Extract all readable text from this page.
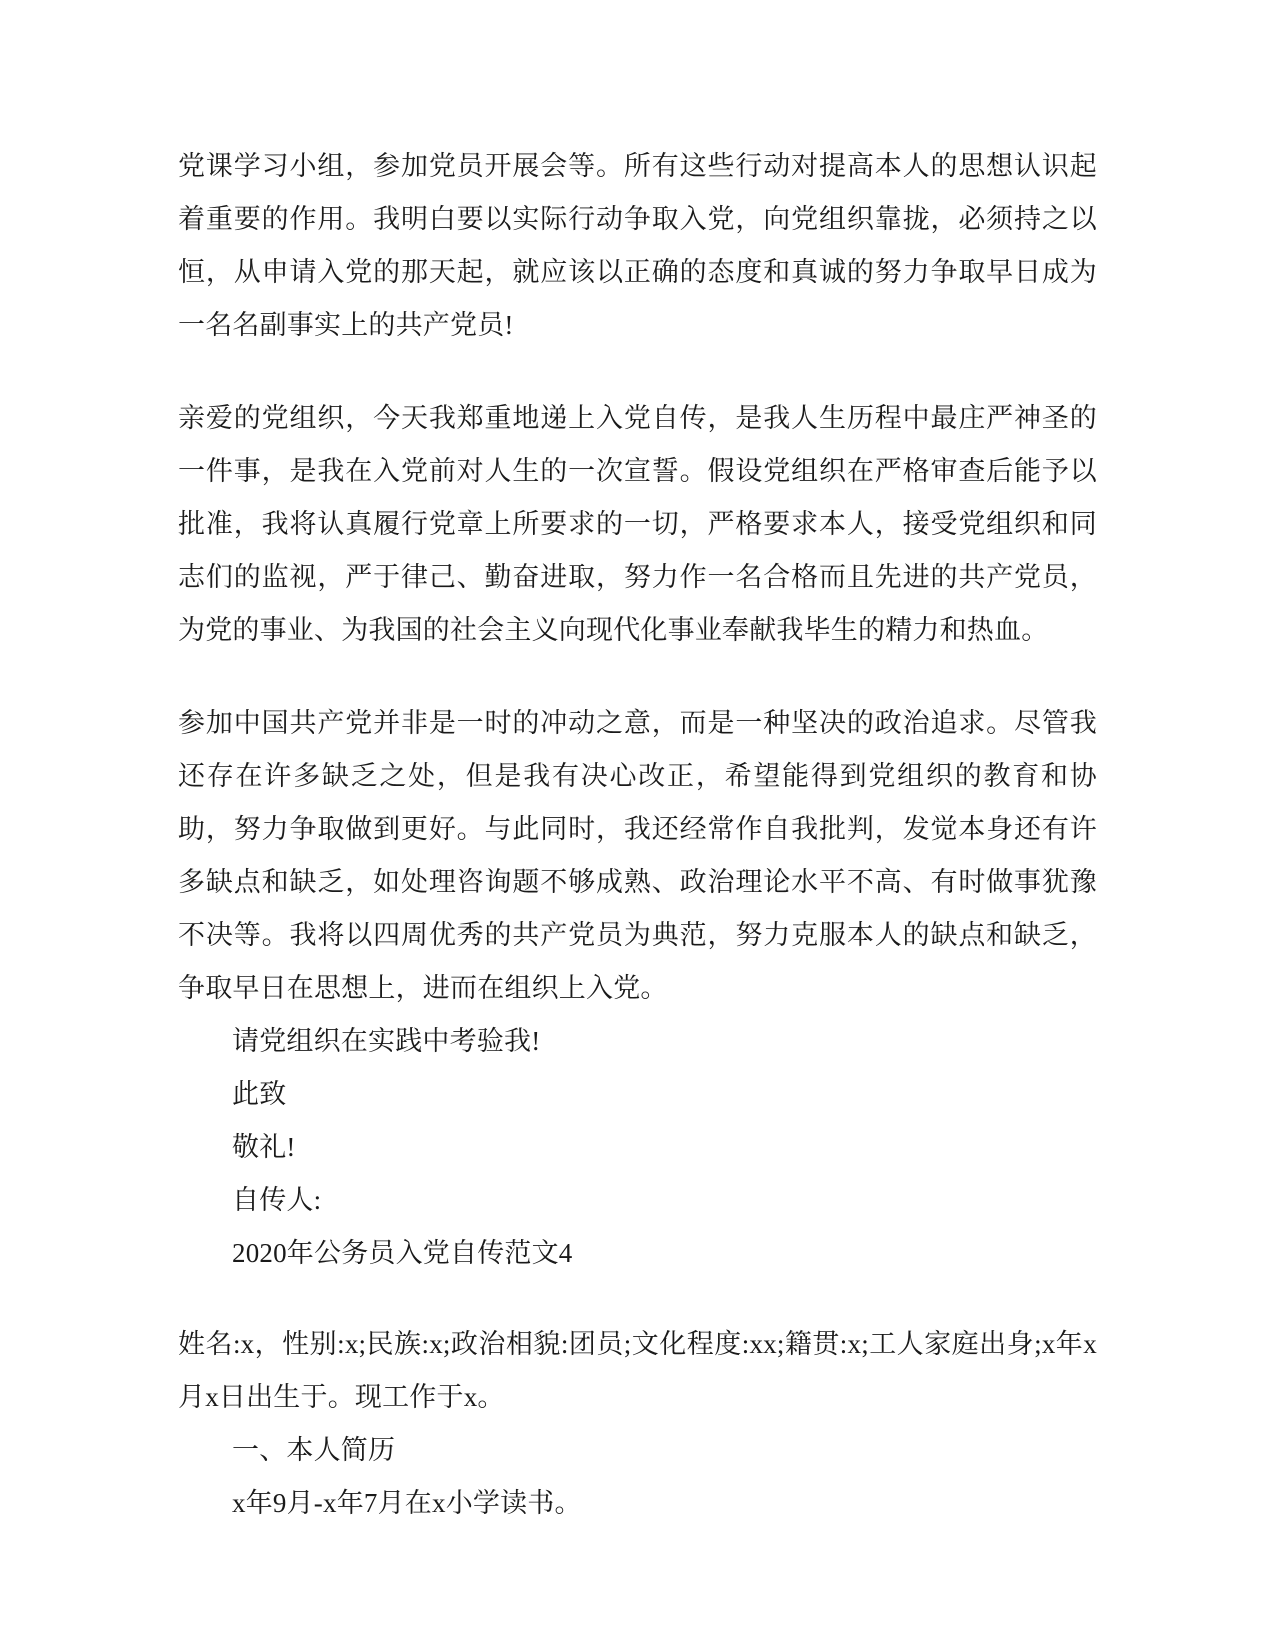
党课学习小组，参加党员开展会等。所有这些行动对提高本人的思想认识起着重要的作用。我明白要以实际行动争取入党，向党组织靠拢，必须持之以恒，从申请入党的那天起，就应该以正确的态度和真诚的努力争取早日成为一名名副事实上的共产党员!

亲爱的党组织，今天我郑重地递上入党自传，是我人生历程中最庄严神圣的一件事，是我在入党前对人生的一次宣誓。假设党组织在严格审查后能予以批准，我将认真履行党章上所要求的一切，严格要求本人，接受党组织和同志们的监视，严于律己、勤奋进取，努力作一名合格而且先进的共产党员，为党的事业、为我国的社会主义向现代化事业奉献我毕生的精力和热血。

参加中国共产党并非是一时的冲动之意，而是一种坚决的政治追求。尽管我还存在许多缺乏之处，但是我有决心改正，希望能得到党组织的教育和协助，努力争取做到更好。与此同时，我还经常作自我批判，发觉本身还有许多缺点和缺乏，如处理咨询题不够成熟、政治理论水平不高、有时做事犹豫不决等。我将以四周优秀的共产党员为典范，努力克服本人的缺点和缺乏，争取早日在思想上，进而在组织上入党。

请党组织在实践中考验我!

此致

敬礼!

自传人:

2020年公务员入党自传范文4

姓名:x，性别:x;民族:x;政治相貌:团员;文化程度:xx;籍贯:x;工人家庭出身;x年x月x日出生于。现工作于x。

一、本人简历

x年9月-x年7月在x小学读书。
